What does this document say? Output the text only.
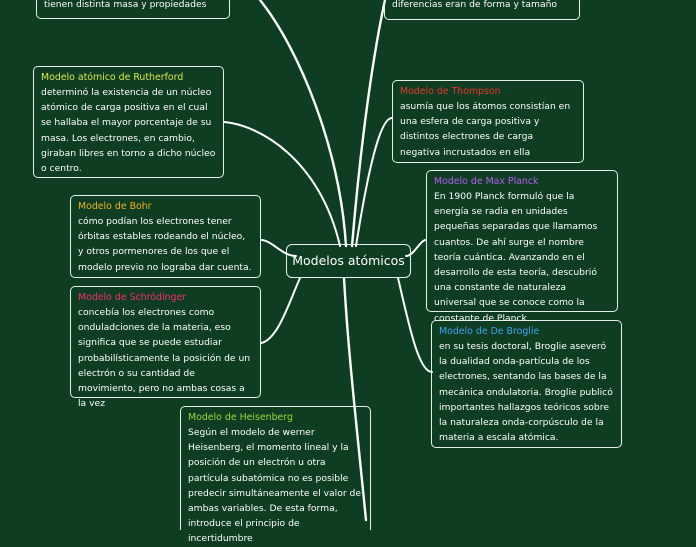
tienen distinta masa y propiedades	diferencias eran de forma y tamaño
Modelo atómico de Rutherford
determinó la existencia de un núcleo atómico de carga positiva en el cual se hallaba el mayor porcentaje de su masa. Los electrones, en cambio, giraban libres en torno a dicho núcleo o centro.
Modelo de Thompson
asumía que los átomos consistían en una esfera de carga positiva y distintos electrones de carga negativa incrustados en ella
Modelo de Bohr
cómo podían los electrones tener órbitas estables rodeando el núcleo, y otros pormenores de los que el modelo previo no lograba dar cuenta.
Modelo de Max Planck
En 1900 Planck formuló que la energía se radia en unidades pequeñas separadas que llamamos cuantos. De ahí surge el nombre teoría cuántica. Avanzando en el desarrollo de esta teoría, descubrió una constante de naturaleza universal que se conoce como la constante de Planck.
Modelos atómicos
Modelo de Schrödinger
concebía los electrones como onduladciones de la materia, eso significa que se puede estudiar probabilísticamente la posición de un electrón o su cantidad de movimiento, pero no ambas cosas a la vez
Modelo de De Broglie
en su tesis doctoral, Broglie aseveró la dualidad onda-partícula de los electrones, sentando las bases de la mecánica ondulatoria. Broglie publicó importantes hallazgos teóricos sobre la naturaleza onda-corpúsculo de la materia a escala atómica.
Modelo de Heisenberg
Según el modelo de werner Heisenberg, el momento lineal y la posición de un electrón u otra partícula subatómica no es posible predecir simultáneamente el valor de ambas variables. De esta forma, introduce el principio de incertidumbre
